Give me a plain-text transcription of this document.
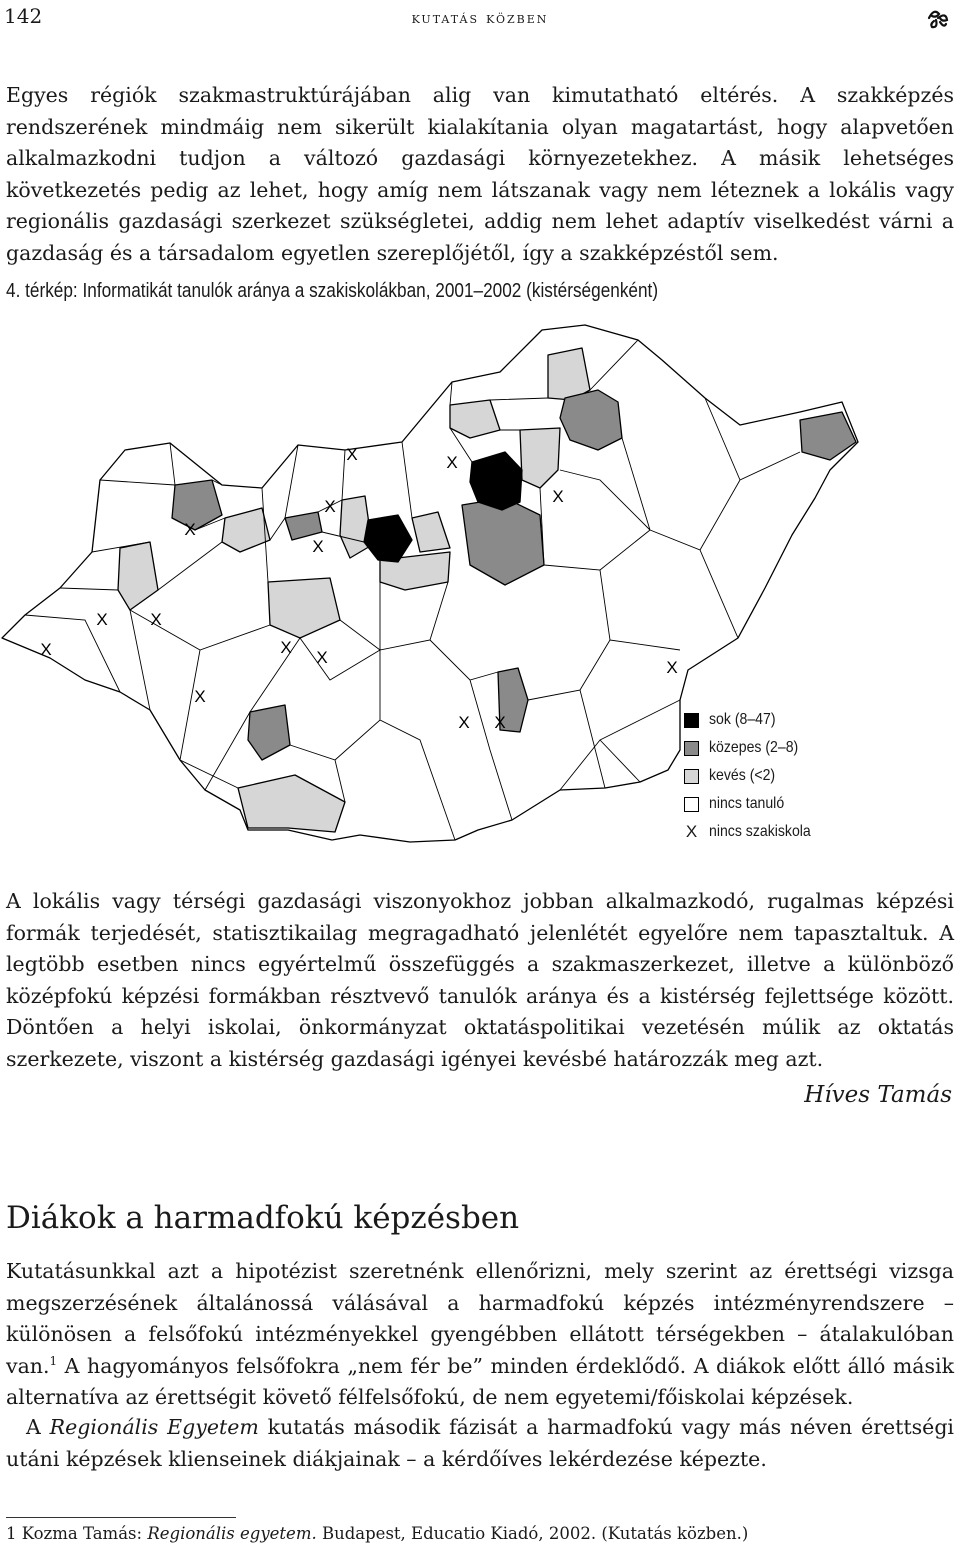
142	kutatás közben

Egyes régiók szakmastruktúrájában alig van kimutatható eltérés. A szakképzés rendszerének mindmáig nem sikerült kialakítania olyan magatartást, hogy alapvetően alkalmazkodni tudjon a változó gazdasági környezetekhez. A másik lehetséges következetés pedig az lehet, hogy amíg nem látszanak vagy nem léteznek a lokális vagy regionális gazdasági szerkezet szükségletei, addig nem lehet adaptív viselkedést várni a gazdaság és a társadalom egyetlen szereplőjétől, így a szakképzéstől sem.

4. térkép: Informatikát tanulók aránya a szakiskolákban, 2001–2002 (kistérségenként)
X	X
X
X
X
X
X	X
X	X
X
X
X
X X	sok (8–47)
közepes (2–8)
kevés (<2)
nincs tanuló
X nincs szakiskola

A lokális vagy térségi gazdasági viszonyokhoz jobban alkalmazkodó, rugalmas képzési formák terjedését, statisztikailag megragadható jelenlétét egyelőre nem tapasztaltuk. A legtöbb esetben nincs egyértelmű összefüggés a szakmaszerkezet, illetve a különböző középfokú képzési formákban résztvevő tanulók aránya és a kistérség fejlettsége között. Döntően a helyi iskolai, önkormányzat oktatáspolitikai vezetésén múlik az oktatás szerkezete, viszont a kistérség gazdasági igényei kevésbé határozzák meg azt.

Híves Tamás
Diákok a harmadfokú képzésben

Kutatásunkkal azt a hipotézist szeretnénk ellenőrizni, mely szerint az érettségi vizsga megszerzésének általánossá válásával a harmadfokú képzés intézményrendszere – különösen a felsőfokú intézményekkel gyengébben ellátott térségekben – átalakulóban van.$^1$ A hagyományos felsőfokra „nem fér be” minden érdeklődő. A diákok előtt álló másik alternatíva az érettségit követő félfelsőfokú, de nem egyetemi/főiskolai képzések.

A Regionális Egyetem kutatás második fázisát a harmadfokú vagy más néven érettségi utáni képzések klienseinek diákjainak – a kérdőíves lekérdezése képezte.

1 Kozma Tamás: Regionális egyetem. Budapest, Educatio Kiadó, 2002. (Kutatás közben.)
